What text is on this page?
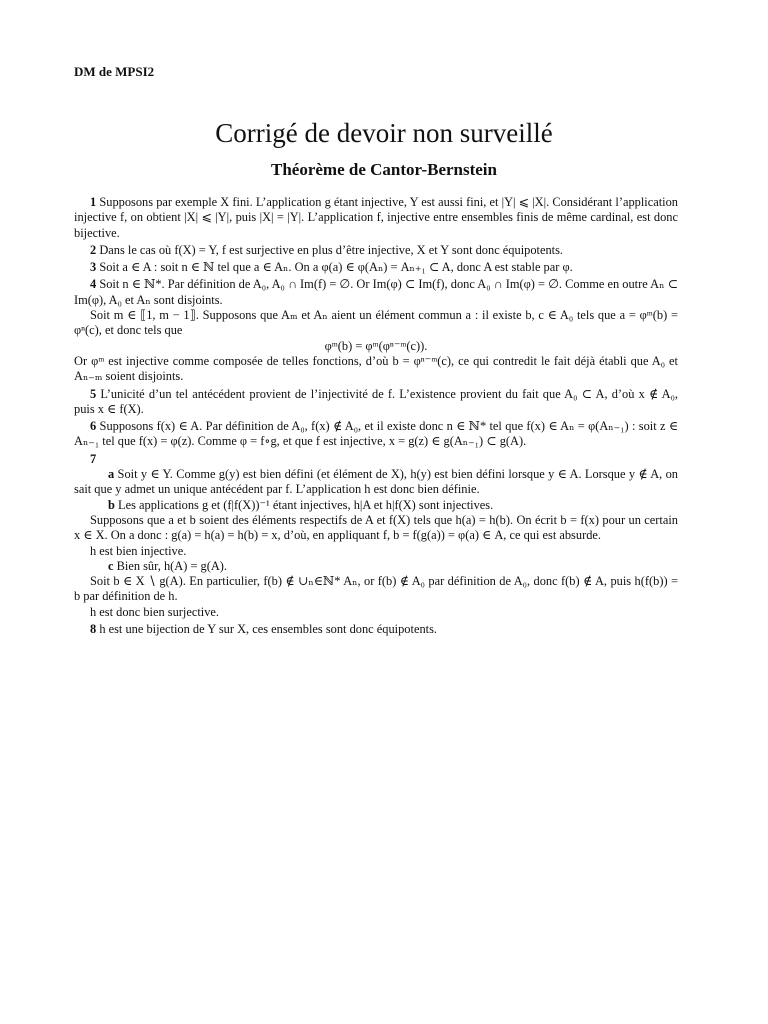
DM de MPSI2
Corrigé de devoir non surveillé
Théorème de Cantor-Bernstein

1 Supposons par exemple X fini. L’application g étant injective, Y est aussi fini, et |Y| ⩽ |X|. Considérant l’application injective f, on obtient |X| ⩽ |Y|, puis |X| = |Y|. L’application f, injective entre ensembles finis de même cardinal, est donc bijective.

2 Dans le cas où f(X) = Y, f est surjective en plus d’être injective, X et Y sont donc équipotents.

3 Soit a ∈ A : soit n ∈ ℕ tel que a ∈ Aₙ. On a φ(a) ∈ φ(Aₙ) = Aₙ₊₁ ⊂ A, donc A est stable par φ.

4 Soit n ∈ ℕ*. Par définition de A₀, A₀ ∩ Im(f) = ∅. Or Im(φ) ⊂ Im(f), donc A₀ ∩ Im(φ) = ∅. Comme en outre Aₙ ⊂ Im(φ), A₀ et Aₙ sont disjoints.

Soit m ∈ ⟦1, m − 1⟧. Supposons que Aₘ et Aₙ aient un élément commun a : il existe b, c ∈ A₀ tels que a = φᵐ(b) = φⁿ(c), et donc tels que

φᵐ(b) = φᵐ(φⁿ⁻ᵐ(c)).

Or φᵐ est injective comme composée de telles fonctions, d’où b = φⁿ⁻ᵐ(c), ce qui contredit le fait déjà établi que A₀ et Aₙ₋ₘ soient disjoints.

5 L’unicité d’un tel antécédent provient de l’injectivité de f. L’existence provient du fait que A₀ ⊂ A, d’où x ∉ A₀, puis x ∈ f(X).

6 Supposons f(x) ∈ A. Par définition de A₀, f(x) ∉ A₀, et il existe donc n ∈ ℕ* tel que f(x) ∈ Aₙ = φ(Aₙ₋₁) : soit z ∈ Aₙ₋₁ tel que f(x) = φ(z). Comme φ = f∘g, et que f est injective, x = g(z) ∈ g(Aₙ₋₁) ⊂ g(A).

7

a Soit y ∈ Y. Comme g(y) est bien défini (et élément de X), h(y) est bien défini lorsque y ∈ A. Lorsque y ∉ A, on sait que y admet un unique antécédent par f. L’application h est donc bien définie.

b Les applications g et (f|f(X))⁻¹ étant injectives, h|A et h|f(X) sont injectives.

Supposons que a et b soient des éléments respectifs de A et f(X) tels que h(a) = h(b). On écrit b = f(x) pour un certain x ∈ X. On a donc : g(a) = h(a) = h(b) = x, d’où, en appliquant f, b = f(g(a)) = φ(a) ∈ A, ce qui est absurde.

h est bien injective.

c Bien sûr, h(A) = g(A).

Soit b ∈ X ∖ g(A). En particulier, f(b) ∉ ∪ₙ∈ℕ* Aₙ, or f(b) ∉ A₀ par définition de A₀, donc f(b) ∉ A, puis h(f(b)) = b par définition de h.

h est donc bien surjective.

8 h est une bijection de Y sur X, ces ensembles sont donc équipotents.
